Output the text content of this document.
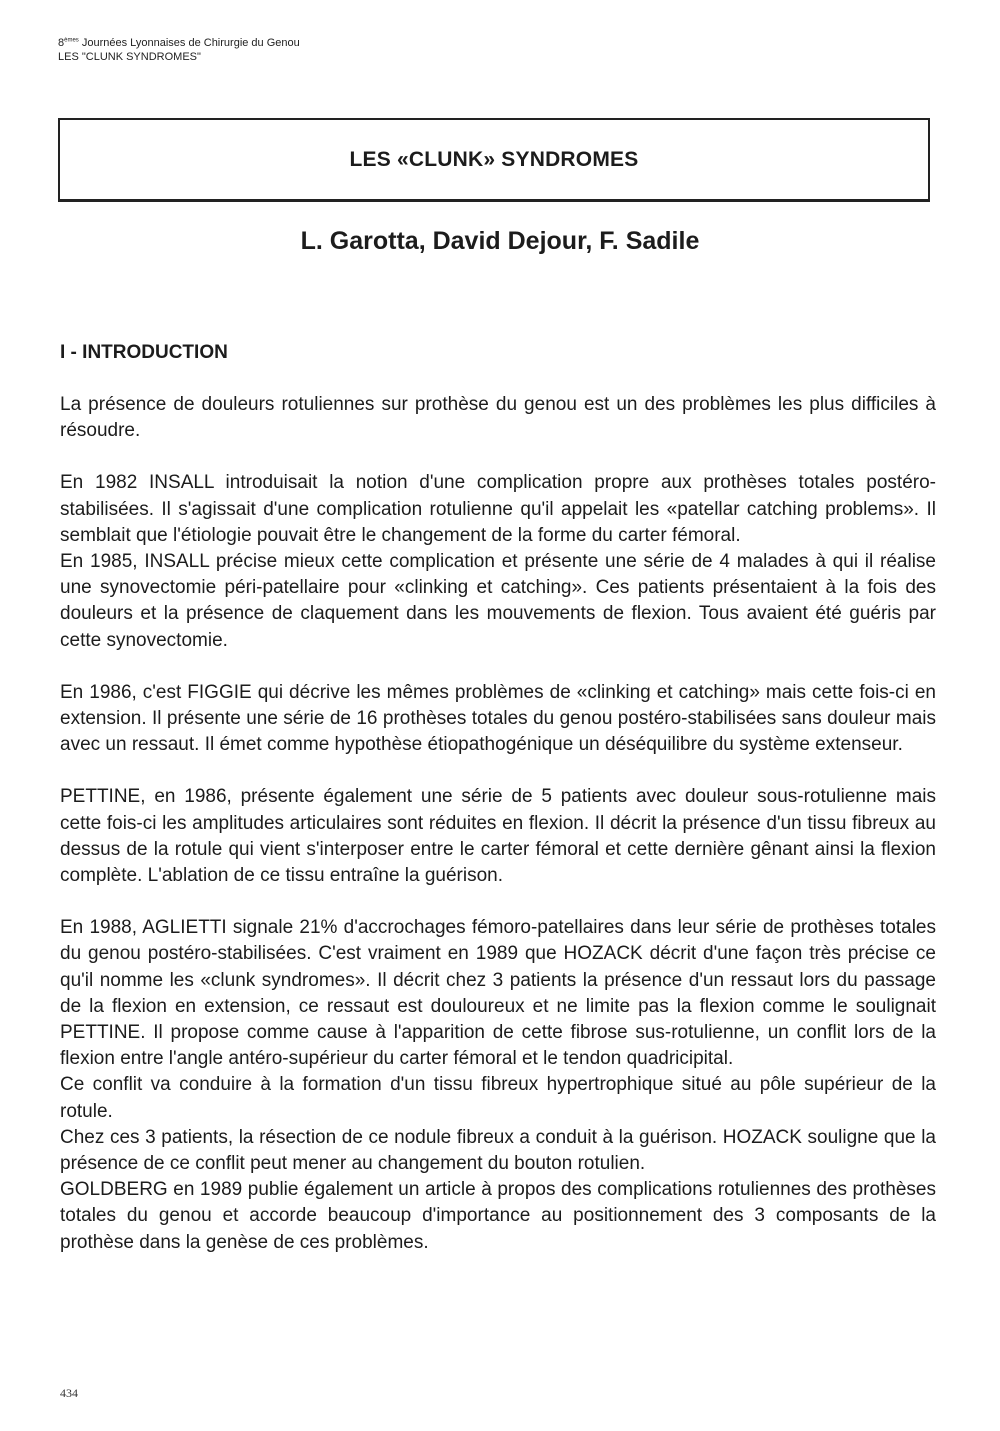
8èmes Journées Lyonnaises de Chirurgie du Genou
LES "CLUNK SYNDROMES"
LES «CLUNK» SYNDROMES
L. Garotta, David Dejour, F. Sadile
I - INTRODUCTION

La présence de douleurs rotuliennes sur prothèse du genou est un des problèmes les plus difficiles à résoudre.

En 1982 INSALL introduisait la notion d'une complication propre aux prothèses totales postéro-stabilisées. Il s'agissait d'une complication rotulienne qu'il appelait les «patellar catching problems». Il semblait que l'étiologie pouvait être le changement de la forme du carter fémoral.

En 1985, INSALL précise mieux cette complication et présente une série de 4 malades à qui il réalise une synovectomie péri-patellaire pour «clinking et catching». Ces patients présentaient à la fois des douleurs et la présence de claquement dans les mouvements de flexion. Tous avaient été guéris par cette synovectomie.

En 1986, c'est FIGGIE qui décrive les mêmes problèmes de «clinking et catching» mais cette fois-ci en extension. Il présente une série de 16 prothèses totales du genou postéro-stabilisées sans douleur mais avec un ressaut. Il émet comme hypothèse étiopathogénique un déséquilibre du système extenseur.

PETTINE, en 1986, présente également une série de 5 patients avec douleur sous-rotulienne mais cette fois-ci les amplitudes articulaires sont réduites en flexion. Il décrit la présence d'un tissu fibreux au dessus de la rotule qui vient s'interposer entre le carter fémoral et cette dernière gênant ainsi la flexion complète. L'ablation de ce tissu entraîne la guérison.

En 1988, AGLIETTI signale 21% d'accrochages fémoro-patellaires dans leur série de prothèses totales du genou postéro-stabilisées. C'est vraiment en 1989 que HOZACK décrit d'une façon très précise ce qu'il nomme les «clunk syndromes». Il décrit chez 3 patients la présence d'un ressaut lors du passage de la flexion en extension, ce ressaut est douloureux et ne limite pas la flexion comme le soulignait PETTINE. Il propose comme cause à l'apparition de cette fibrose sus-rotulienne, un conflit lors de la flexion entre l'angle antéro-supérieur du carter fémoral et le tendon quadricipital.

Ce conflit va conduire à la formation d'un tissu fibreux hypertrophique situé au pôle supérieur de la rotule.

Chez ces 3 patients, la résection de ce nodule fibreux a conduit à la guérison. HOZACK souligne que la présence de ce conflit peut mener au changement du bouton rotulien.

GOLDBERG en 1989 publie également un article à propos des complications rotuliennes des prothèses totales du genou et accorde beaucoup d'importance au positionnement des 3 composants de la prothèse dans la genèse de ces problèmes.

434
